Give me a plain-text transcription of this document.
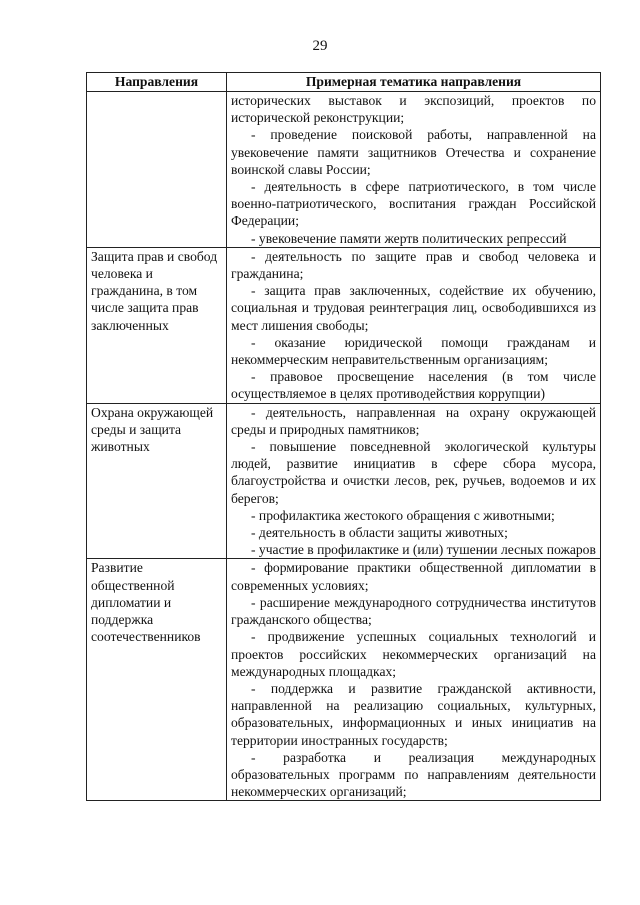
29
Направления	Примерная тематика направления

	исторических выставок и экспозиций, проектов по исторической реконструкции;

- проведение поисковой работы, направленной на увековечение памяти защитников Отечества и сохранение воинской славы России;

- деятельность в сфере патриотического, в том числе военно-патриотического, воспитания граждан Российской Федерации;

- увековечение памяти жертв политических репрессий

Защита прав и свобод человека и гражданина, в том числе защита прав заключенных	- деятельность по защите прав и свобод человека и гражданина;

- защита прав заключенных, содействие их обучению, социальная и трудовая реинтеграция лиц, освободившихся из мест лишения свободы;

- оказание юридической помощи гражданам и некоммерческим неправительственным организациям;

- правовое просвещение населения (в том числе осуществляемое в целях противодействия коррупции)

Охрана окружающей среды и защита животных	- деятельность, направленная на охрану окружающей среды и природных памятников;

- повышение повседневной экологической культуры людей, развитие инициатив в сфере сбора мусора, благоустройства и очистки лесов, рек, ручьев, водоемов и их берегов;

- профилактика жестокого обращения с животными;

- деятельность в области защиты животных;

- участие в профилактике и (или) тушении лесных пожаров

Развитие общественной дипломатии и поддержка соотечественников	- формирование практики общественной дипломатии в современных условиях;

- расширение международного сотрудничества институтов гражданского общества;

- продвижение успешных социальных технологий и проектов российских некоммерческих организаций на международных площадках;

- поддержка и развитие гражданской активности, направленной на реализацию социальных, культурных, образовательных, информационных и иных инициатив на территории иностранных государств;

- разработка и реализация международных образовательных программ по направлениям деятельности некоммерческих организаций;
